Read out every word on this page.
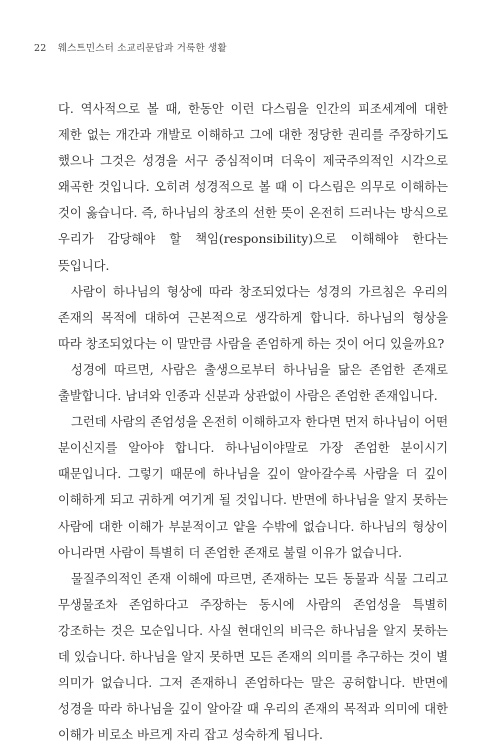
22 웨스트민스터 소교리문답과 거룩한 생활

다. 역사적으로 볼 때, 한동안 이런 다스림을 인간의 피조세계에 대한 제한 없는 개간과 개발로 이해하고 그에 대한 정당한 권리를 주장하기도 했으나 그것은 성경을 서구 중심적이며 더욱이 제국주의적인 시각으로 왜곡한 것입니다. 오히려 성경적으로 볼 때 이 다스림은 의무로 이해하는 것이 옳습니다. 즉, 하나님의 창조의 선한 뜻이 온전히 드러나는 방식으로 우리가 감당해야 할 책임(responsibility)으로 이해해야 한다는 뜻입니다.

사람이 하나님의 형상에 따라 창조되었다는 성경의 가르침은 우리의 존재의 목적에 대하여 근본적으로 생각하게 합니다. 하나님의 형상을 따라 창조되었다는 이 말만큼 사람을 존엄하게 하는 것이 어디 있을까요?

성경에 따르면, 사람은 출생으로부터 하나님을 닮은 존엄한 존재로 출발합니다. 남녀와 인종과 신분과 상관없이 사람은 존엄한 존재입니다.

그런데 사람의 존엄성을 온전히 이해하고자 한다면 먼저 하나님이 어떤 분이신지를 알아야 합니다. 하나님이야말로 가장 존엄한 분이시기 때문입니다. 그렇기 때문에 하나님을 깊이 알아갈수록 사람을 더 깊이 이해하게 되고 귀하게 여기게 될 것입니다. 반면에 하나님을 알지 못하는 사람에 대한 이해가 부분적이고 얕을 수밖에 없습니다. 하나님의 형상이 아니라면 사람이 특별히 더 존엄한 존재로 불릴 이유가 없습니다.

물질주의적인 존재 이해에 따르면, 존재하는 모든 동물과 식물 그리고 무생물조차 존엄하다고 주장하는 동시에 사람의 존엄성을 특별히 강조하는 것은 모순입니다. 사실 현대인의 비극은 하나님을 알지 못하는 데 있습니다. 하나님을 알지 못하면 모든 존재의 의미를 추구하는 것이 별 의미가 없습니다. 그저 존재하니 존엄하다는 말은 공허합니다. 반면에 성경을 따라 하나님을 깊이 알아갈 때 우리의 존재의 목적과 의미에 대한 이해가 비로소 바르게 자리 잡고 성숙하게 됩니다.
